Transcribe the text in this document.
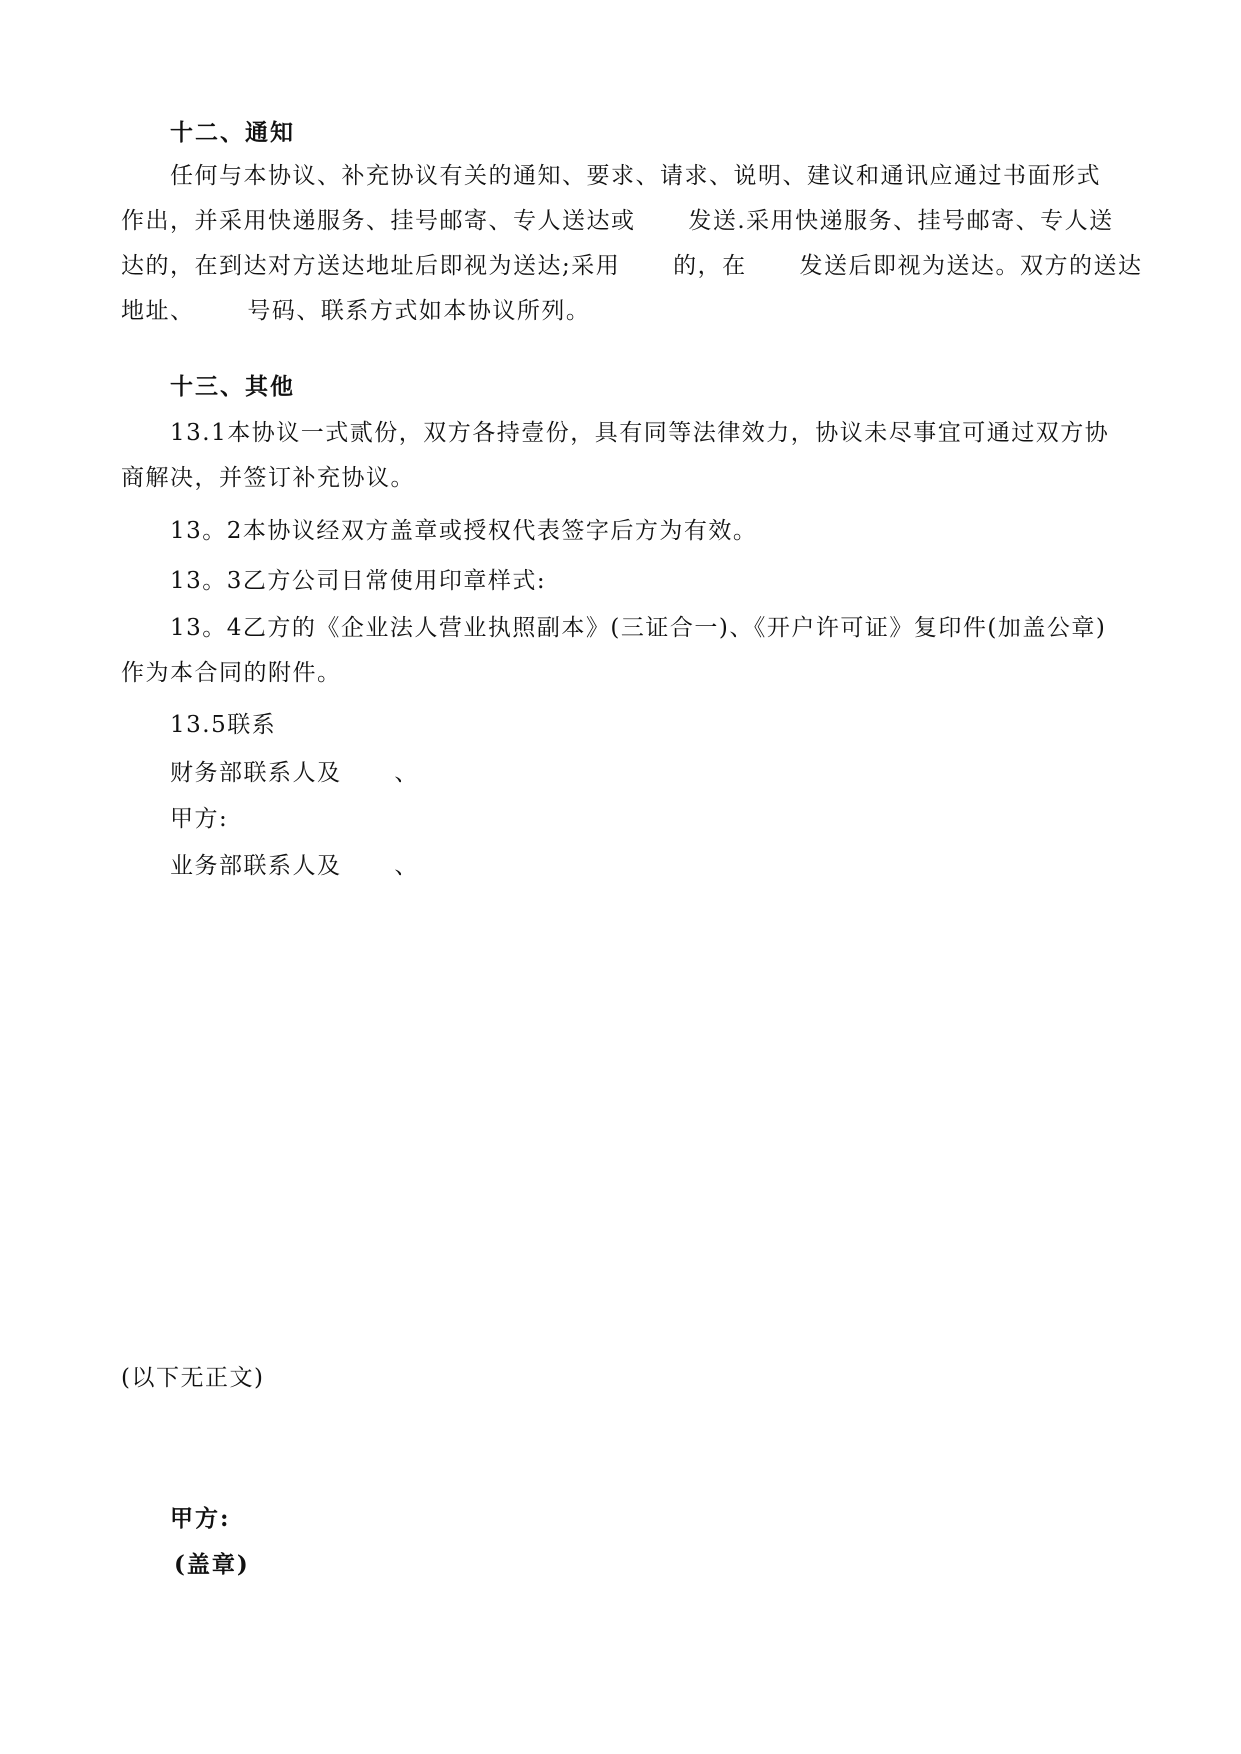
十二、通知
任何与本协议、补充协议有关的通知、要求、请求、说明、建议和通讯应通过书面形式
作出，并采用快递服务、挂号邮寄、专人送达或      发送.采用快递服务、挂号邮寄、专人送
达的，在到达对方送达地址后即视为送达;采用      的，在      发送后即视为送达。双方的送达
地址、      号码、联系方式如本协议所列。
十三、其他
13.1本协议一式贰份，双方各持壹份，具有同等法律效力，协议未尽事宜可通过双方协
商解决，并签订补充协议。
13。2本协议经双方盖章或授权代表签字后方为有效。
13。3乙方公司日常使用印章样式:
13。4乙方的《企业法人营业执照副本》(三证合一)、《开户许可证》复印件(加盖公章)
作为本合同的附件。
13.5联系
财务部联系人及      、
甲方:
业务部联系人及      、
(以下无正文)
甲方:
(盖章)
